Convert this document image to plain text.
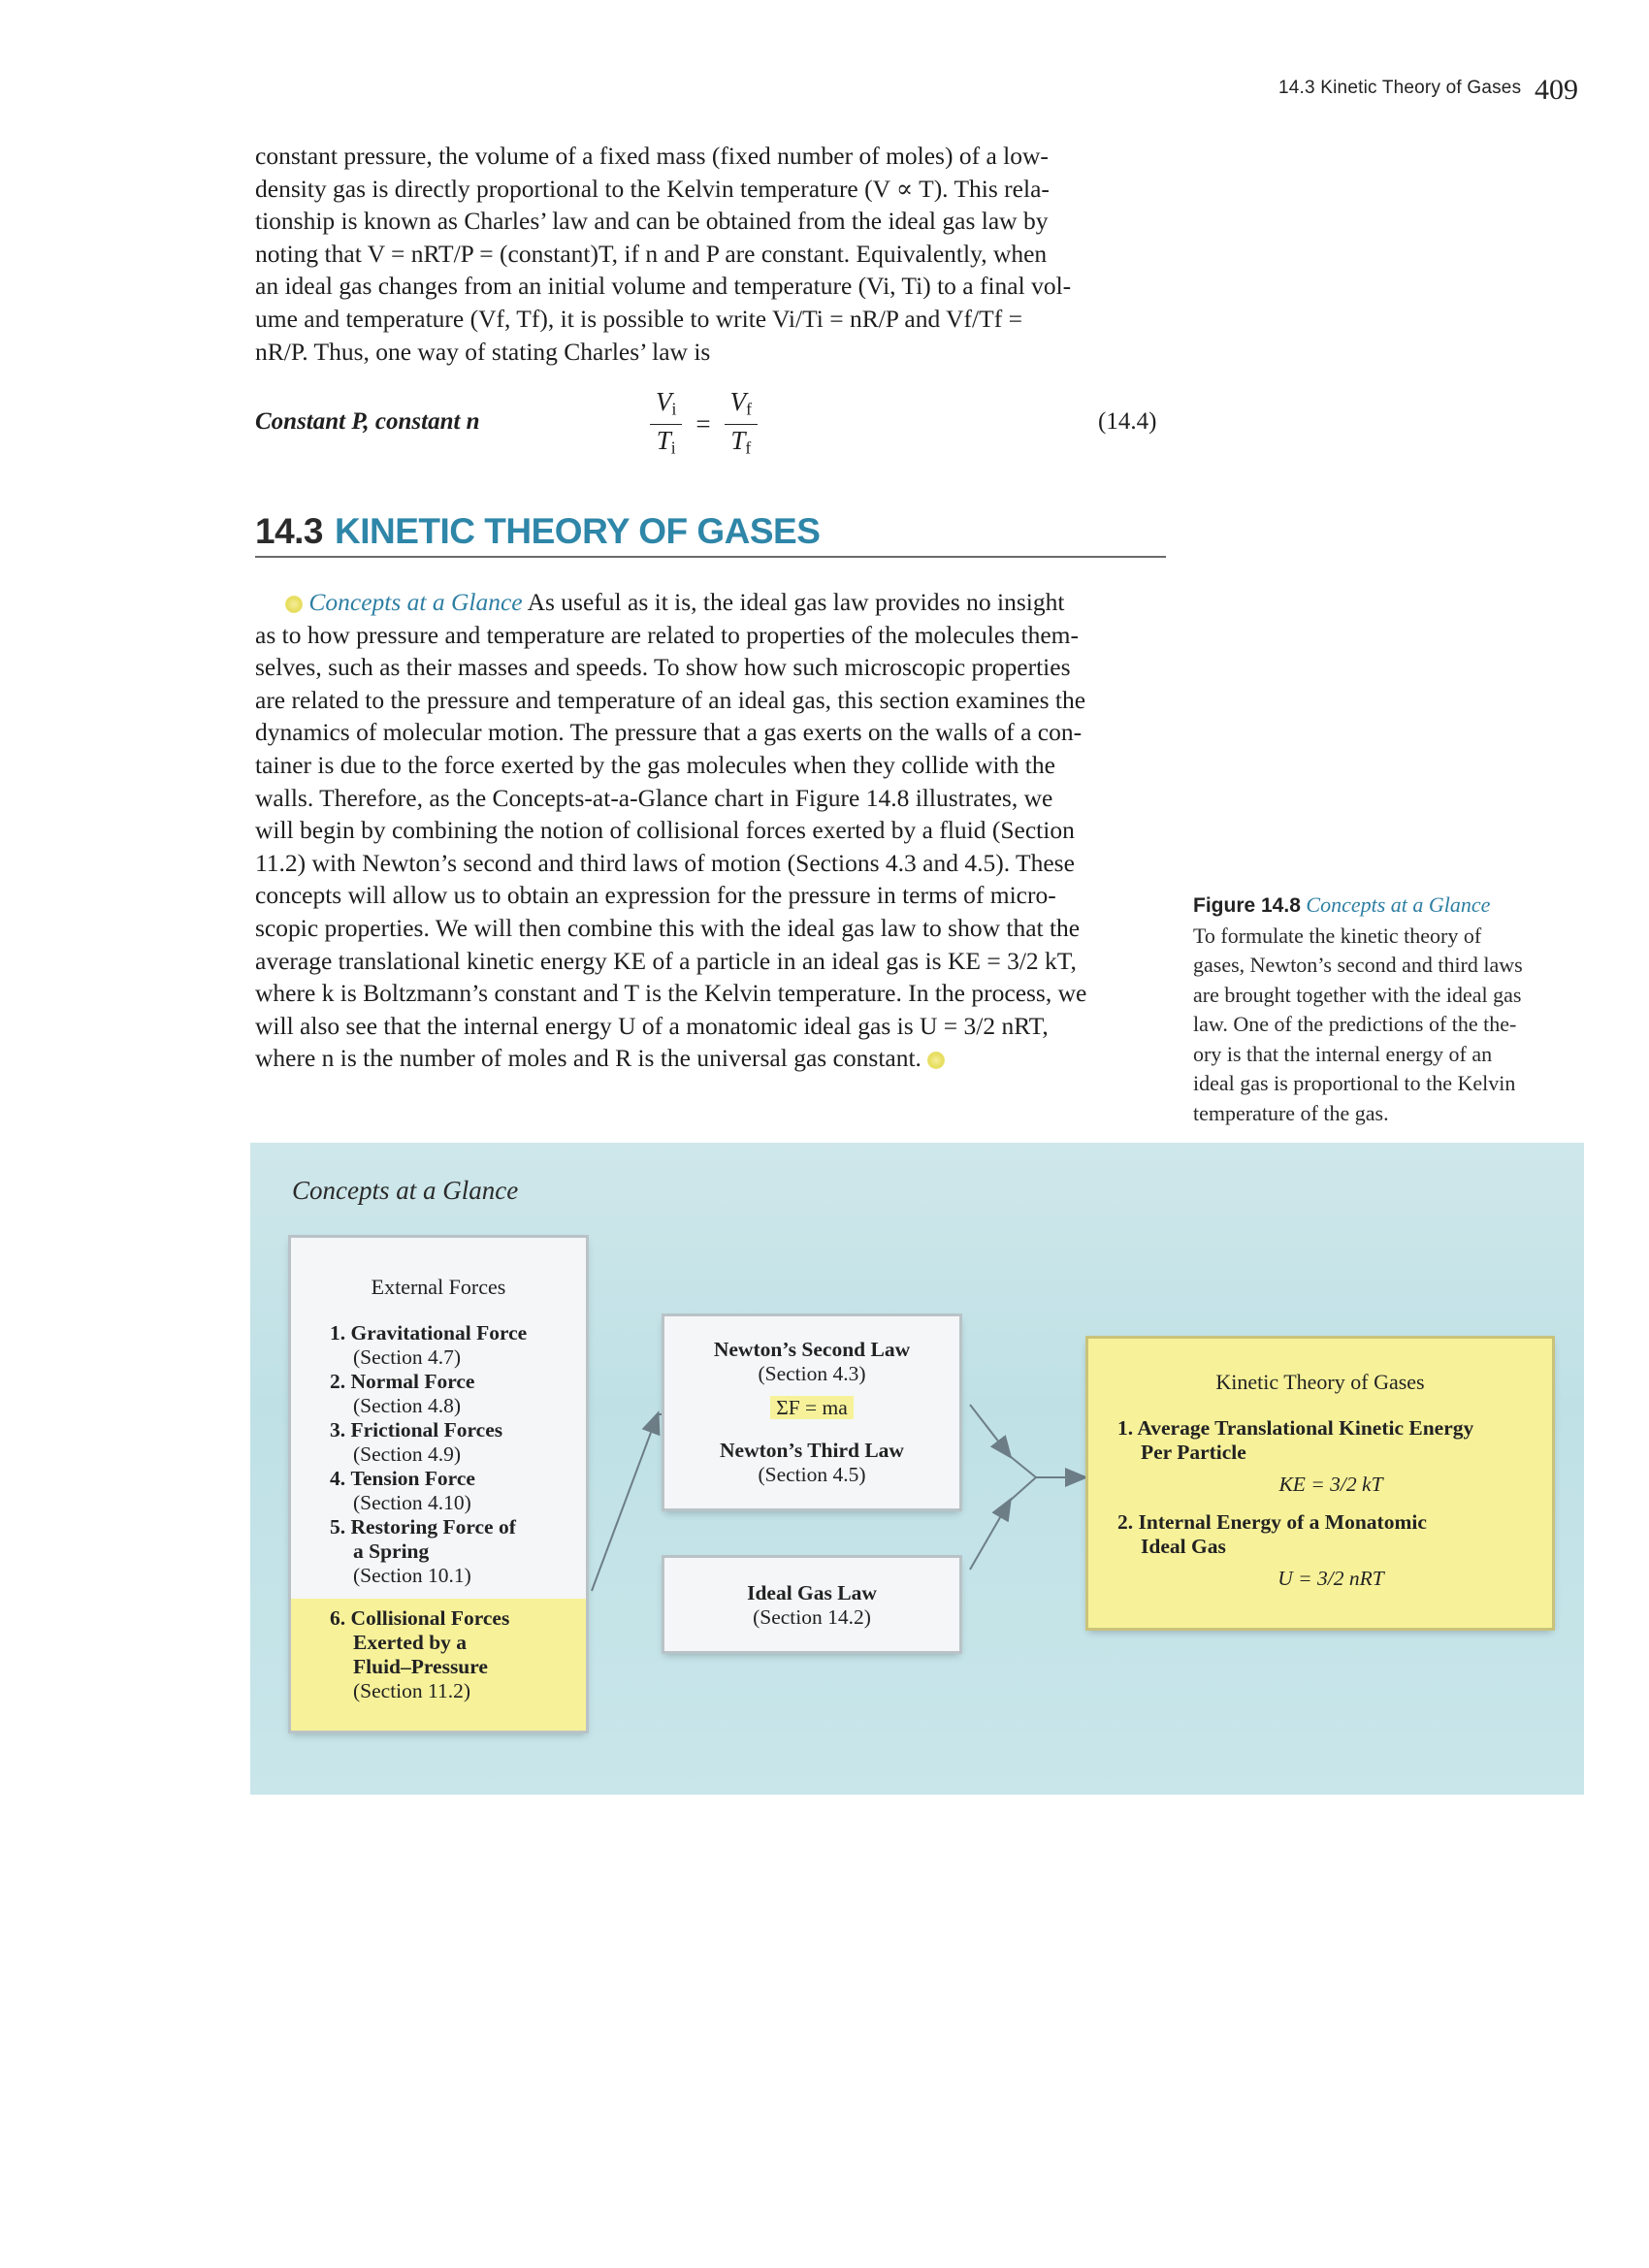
14.3 Kinetic Theory of Gases 409
constant pressure, the volume of a fixed mass (fixed number of moles) of a low-
density gas is directly proportional to the Kelvin temperature (V ∝ T). This rela-
tionship is known as Charles’ law and can be obtained from the ideal gas law by
noting that V = nRT/P = (constant)T, if n and P are constant. Equivalently, when
an ideal gas changes from an initial volume and temperature (Vi, Ti) to a final vol-
ume and temperature (Vf, Tf), it is possible to write Vi/Ti = nR/P and Vf/Tf =
nR/P. Thus, one way of stating Charles’ law is
Constant P, constant n	$\frac{V_i}{T_i} = \frac{V_f}{T_f}$	(14.4)
14.3 KINETIC THEORY OF GASES
Concepts at a Glance As useful as it is, the ideal gas law provides no insight
as to how pressure and temperature are related to properties of the molecules them-
selves, such as their masses and speeds. To show how such microscopic properties
are related to the pressure and temperature of an ideal gas, this section examines the
dynamics of molecular motion. The pressure that a gas exerts on the walls of a con-
tainer is due to the force exerted by the gas molecules when they collide with the
walls. Therefore, as the Concepts-at-a-Glance chart in Figure 14.8 illustrates, we
will begin by combining the notion of collisional forces exerted by a fluid (Section
11.2) with Newton’s second and third laws of motion (Sections 4.3 and 4.5). These
concepts will allow us to obtain an expression for the pressure in terms of micro-
scopic properties. We will then combine this with the ideal gas law to show that the
average translational kinetic energy KE of a particle in an ideal gas is KE = 3/2 kT,
where k is Boltzmann’s constant and T is the Kelvin temperature. In the process, we
will also see that the internal energy U of a monatomic ideal gas is U = 3/2 nRT,
where n is the number of moles and R is the universal gas constant.
Figure 14.8 Concepts at a Glance
To formulate the kinetic theory of
gases, Newton’s second and third laws
are brought together with the ideal gas
law. One of the predictions of the the-
ory is that the internal energy of an
ideal gas is proportional to the Kelvin
temperature of the gas.
Concepts at a Glance
External Forces
1. Gravitational Force
(Section 4.7)
2. Normal Force
(Section 4.8)
3. Frictional Forces
(Section 4.9)
4. Tension Force
(Section 4.10)
5. Restoring Force of
a Spring
(Section 10.1)
6. Collisional Forces
Exerted by a
Fluid–Pressure
(Section 11.2)
Newton’s Second Law
(Section 4.3)
ΣF = ma
Newton’s Third Law
(Section 4.5)
Ideal Gas Law
(Section 14.2)
Kinetic Theory of Gases
1. Average Translational Kinetic Energy
Per Particle
KE = 3/2 kT
2. Internal Energy of a Monatomic
Ideal Gas
U = 3/2 nRT
